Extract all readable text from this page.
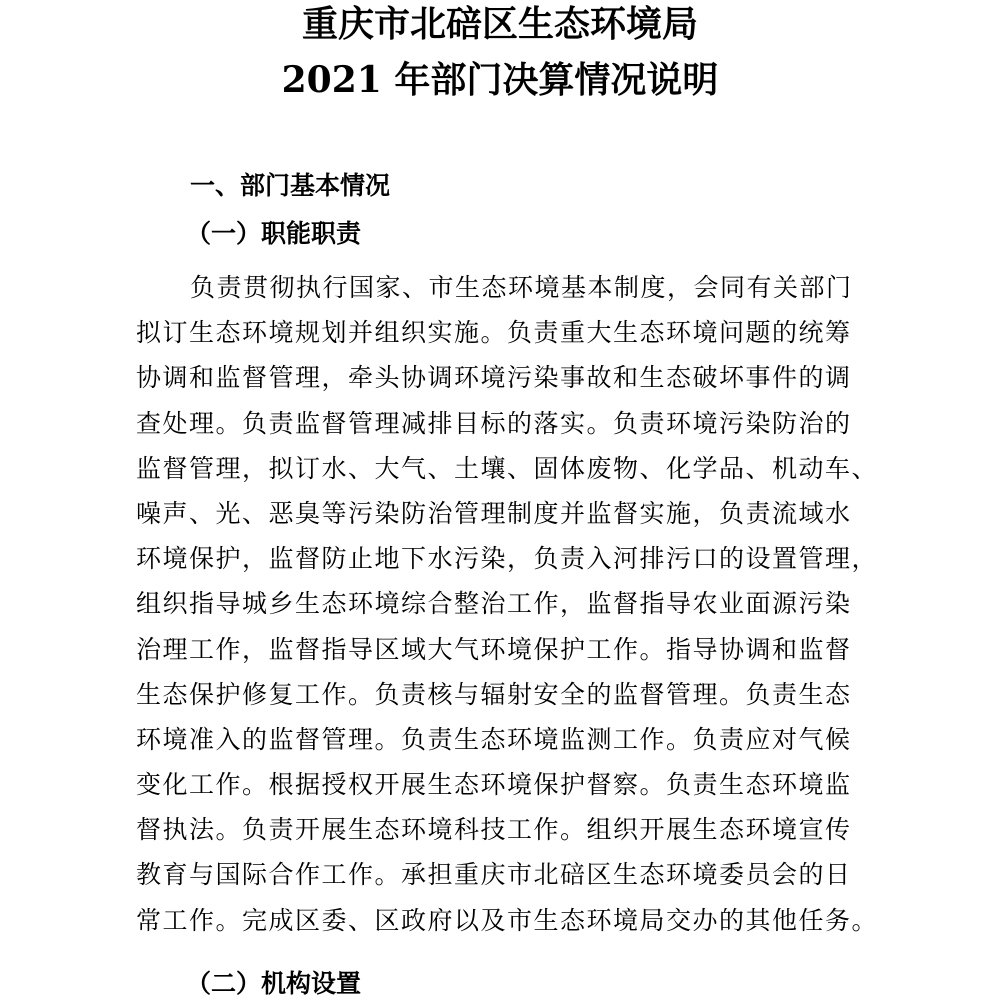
重庆市北碚区生态环境局
2021 年部门决算情况说明
一、部门基本情况
（一）职能职责
负责贯彻执行国家、市生态环境基本制度，会同有关部门
拟订生态环境规划并组织实施。负责重大生态环境问题的统筹
协调和监督管理，牵头协调环境污染事故和生态破坏事件的调
查处理。负责监督管理减排目标的落实。负责环境污染防治的
监督管理，拟订水、大气、土壤、固体废物、化学品、机动车、
噪声、光、恶臭等污染防治管理制度并监督实施，负责流域水
环境保护，监督防止地下水污染，负责入河排污口的设置管理，
组织指导城乡生态环境综合整治工作，监督指导农业面源污染
治理工作，监督指导区域大气环境保护工作。指导协调和监督
生态保护修复工作。负责核与辐射安全的监督管理。负责生态
环境准入的监督管理。负责生态环境监测工作。负责应对气候
变化工作。根据授权开展生态环境保护督察。负责生态环境监
督执法。负责开展生态环境科技工作。组织开展生态环境宣传
教育与国际合作工作。承担重庆市北碚区生态环境委员会的日
常工作。完成区委、区政府以及市生态环境局交办的其他任务。
（二）机构设置
